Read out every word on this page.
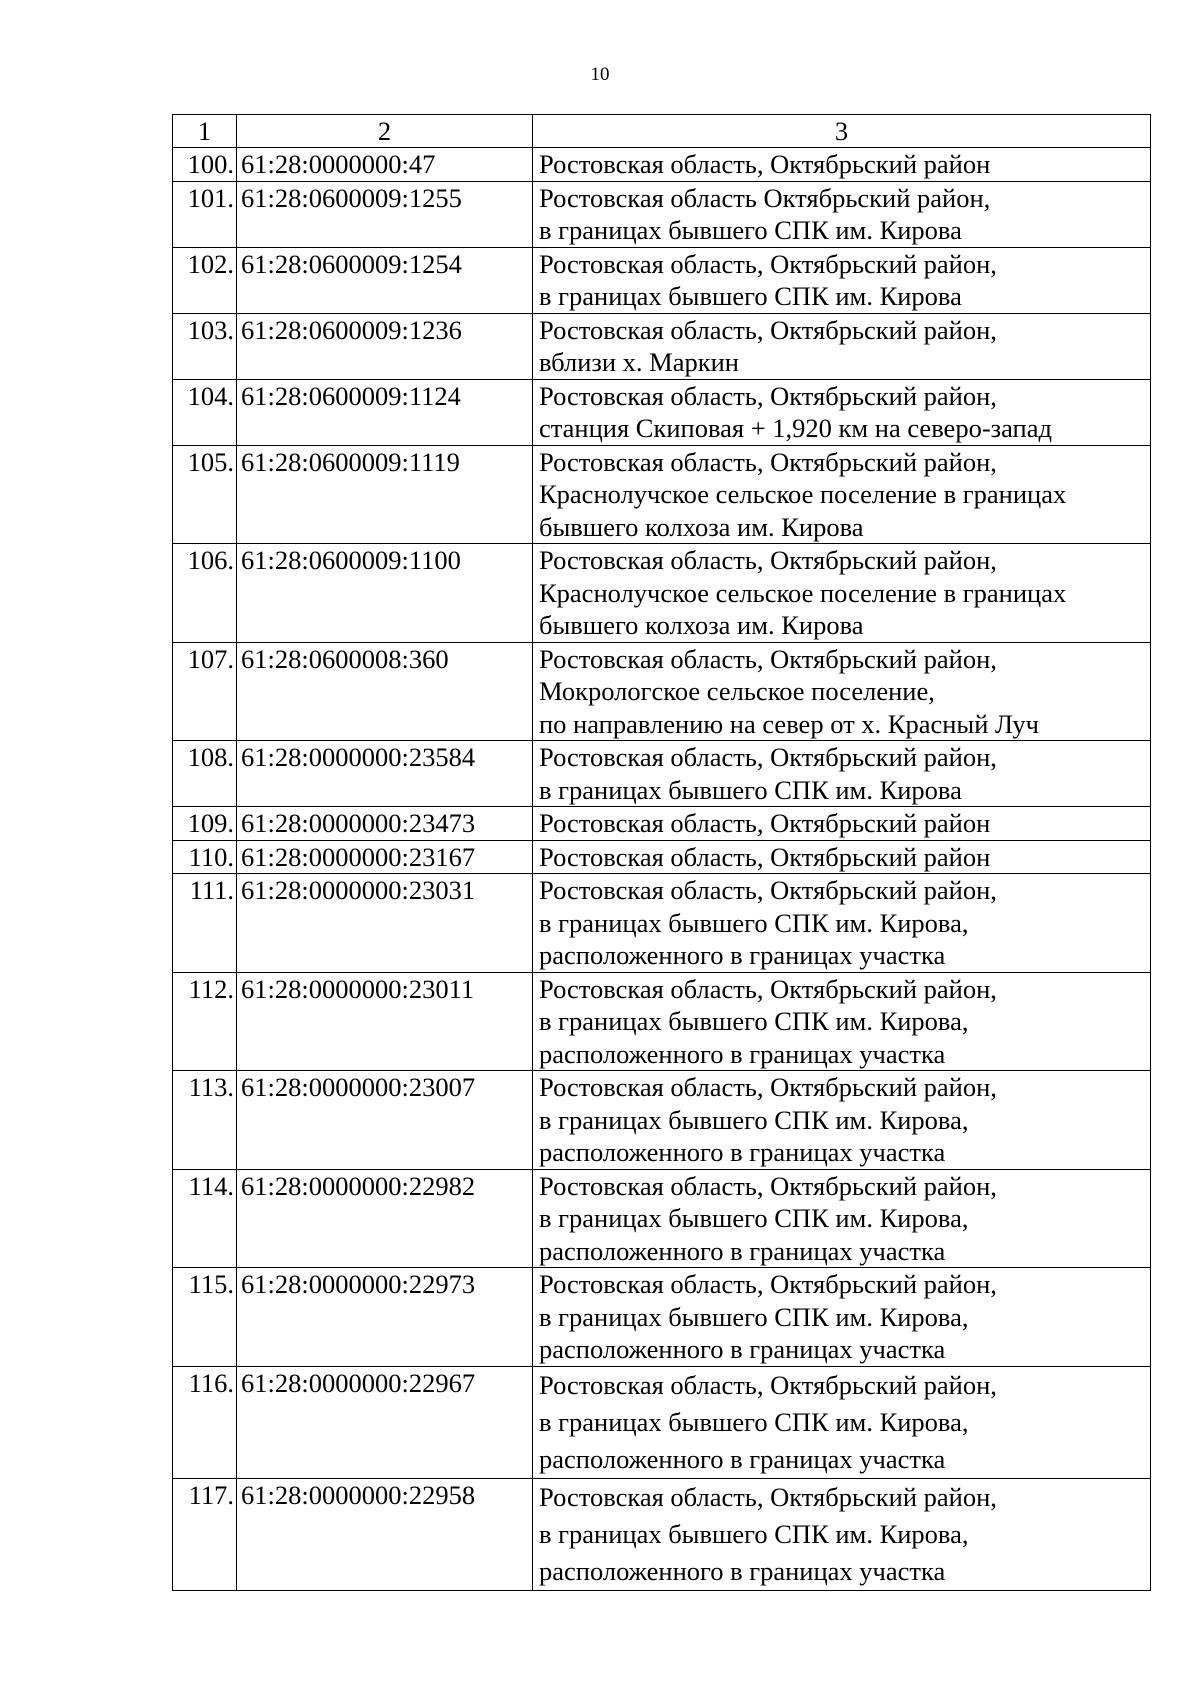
10
1	2	3
100.	61:28:0000000:47	Ростовская область, Октябрьский район

101.	61:28:0600009:1255	Ростовская область Октябрьский район,
в границах бывшего СПК им. Кирова

102.	61:28:0600009:1254	Ростовская область, Октябрьский район,
в границах бывшего СПК им. Кирова

103.	61:28:0600009:1236	Ростовская область, Октябрьский район,
вблизи х. Маркин

104.	61:28:0600009:1124	Ростовская область, Октябрьский район,
станция Скиповая + 1,920 км на северо-запад

105.	61:28:0600009:1119	Ростовская область, Октябрьский район,
Краснолучское сельское поселение в границах
бывшего колхоза им. Кирова

106.	61:28:0600009:1100	Ростовская область, Октябрьский район,
Краснолучское сельское поселение в границах
бывшего колхоза им. Кирова

107.	61:28:0600008:360	Ростовская область, Октябрьский район,
Мокрологское сельское поселение,
по направлению на север от х. Красный Луч

108.	61:28:0000000:23584	Ростовская область, Октябрьский район,
в границах бывшего СПК им. Кирова

109.	61:28:0000000:23473	Ростовская область, Октябрьский район

110.	61:28:0000000:23167	Ростовская область, Октябрьский район

111.	61:28:0000000:23031	Ростовская область, Октябрьский район,
в границах бывшего СПК им. Кирова,
расположенного в границах участка

112.	61:28:0000000:23011	Ростовская область, Октябрьский район,
в границах бывшего СПК им. Кирова,
расположенного в границах участка

113.	61:28:0000000:23007	Ростовская область, Октябрьский район,
в границах бывшего СПК им. Кирова,
расположенного в границах участка

114.	61:28:0000000:22982	Ростовская область, Октябрьский район,
в границах бывшего СПК им. Кирова,
расположенного в границах участка

115.	61:28:0000000:22973	Ростовская область, Октябрьский район,
в границах бывшего СПК им. Кирова,
расположенного в границах участка

116.	61:28:0000000:22967	Ростовская область, Октябрьский район,
в границах бывшего СПК им. Кирова,
расположенного в границах участка

117.	61:28:0000000:22958	Ростовская область, Октябрьский район,
в границах бывшего СПК им. Кирова,
расположенного в границах участка
